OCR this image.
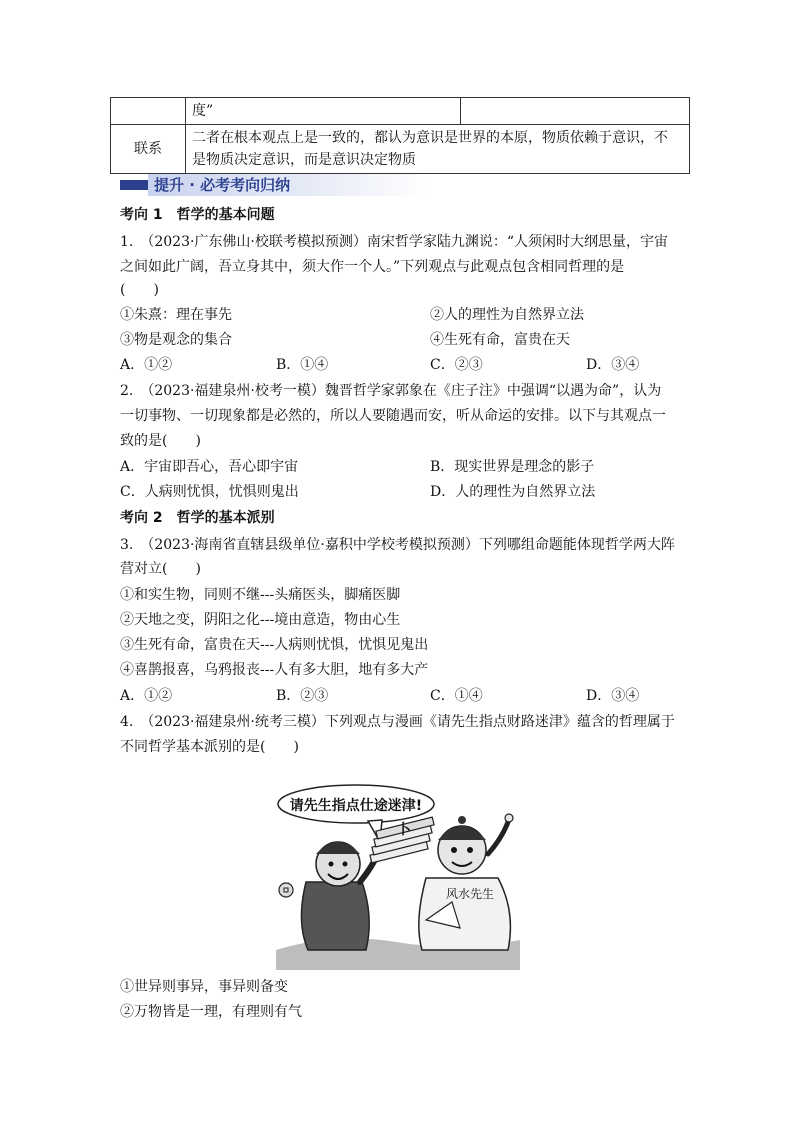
	度”	
联系	二者在根本观点上是一致的，都认为意识是世界的本原，物质依赖于意识，不
是物质决定意识，而是意识决定物质	
提升 · 必考考向归纳
考向 1　哲学的基本问题
1.　（2023·广东佛山·校联考模拟预测）南宋哲学家陆九渊说：“人须闲时大纲思量，宇宙
之间如此广阔，吾立身其中，须大作一个人。”下列观点与此观点包含相同哲理的是
(　　)
①朱熹：理在事先	②人的理性为自然界立法
③物是观念的集合	④生死有命，富贵在天
A．①②	B．①④	C．②③	D．③④
2.　（2023·福建泉州·校考一模）魏晋哲学家郭象在《庄子注》中强调“以遇为命”，认为
一切事物、一切现象都是必然的，所以人要随遇而安，听从命运的安排。以下与其观点一
致的是(　　)
A．宇宙即吾心，吾心即宇宙	B．现实世界是理念的影子
C．人病则忧惧，忧惧则鬼出	D．人的理性为自然界立法
考向 2　哲学的基本派别
3.　（2023·海南省直辖县级单位·嘉积中学校考模拟预测）下列哪组命题能体现哲学两大阵
营对立(　　)
①和实生物，同则不继---头痛医头，脚痛医脚
②天地之变，阴阳之化---境由意造，物由心生
③生死有命，富贵在天---人病则忧惧，忧惧见鬼出
④喜鹊报喜，乌鸦报丧---人有多大胆，地有多大产
A．①②	B．②③	C．①④	D．③④
4.　（2023·福建泉州·统考三模）下列观点与漫画《请先生指点财路迷津》蕴含的哲理属于
不同哲学基本派别的是(　　)
请先生指点仕途迷津!
卜
风水先生
①世异则事异，事异则备变
②万物皆是一理，有理则有气
